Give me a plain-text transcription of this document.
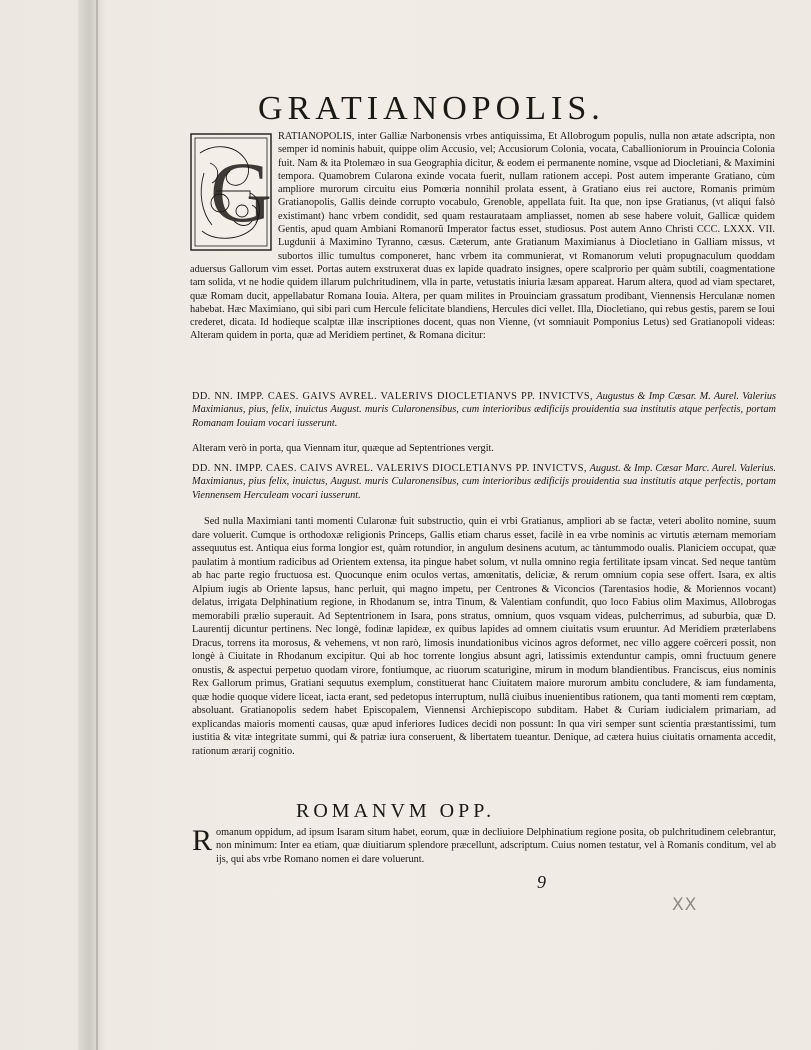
GRATIANOPOLIS.

RATIANOPOLIS, inter Galliæ Narbonensis vrbes antiquissima, Et Allobrogum populis, nulla non ætate adscripta, non semper id nominis habuit, quippe olim Accusio, vel; Accusiorum Colonia, vocata, Caballioniorum in Prouincia Colonia fuit. Nam & ita Ptolemæo in sua Geographia dicitur, & eodem ei permanente nomine, vsque ad Diocletiani, & Maximini tempora. Quamobrem Cularona exinde vocata fuerit, nullam rationem accepi. Post autem imperante Gratiano, cùm ampliore murorum circuitu eius Pomœria nonnihil prolata essent, à Gratiano eius rei auctore, Romanis primùm Gratianopolis, Gallis deinde corrupto vocabulo, Grenoble, appellata fuit. Ita que, non ipse Gratianus, (vt aliqui falsò existimant) hanc vrbem condidit, sed quam restaurataam ampliasset, nomen ab sese habere voluit, Gallicæ quidem Gentis, apud quam Ambiani Romanorũ Imperator factus esset, studiosus. Post autem Anno Christi CCC. LXXX. VII. Lugdunii à Maximino Tyranno, cæsus. Cæterum, ante Gratianum Maximianus à Diocletiano in Galliam missus, vt subortos illic tumultus componeret, hanc vrbem ita communierat, vt Romanorum veluti propugnaculum quoddam aduersus Gallorum vim esset. Portas autem exstruxerat duas ex lapide quadrato insignes, opere scalprorio per quàm subtili, coagmentatione tam solida, vt ne hodie quidem illarum pulchritudinem, vlla in parte, vetustatis iniuria læsam appareat. Harum altera, quod ad viam spectaret, quæ Romam ducit, appellabatur Romana Iouia. Altera, per quam milites in Prouinciam grassatum prodibant, Viennensis Herculanæ nomen habebat. Hæc Maximiano, qui sibi pari cum Hercule felicitate blandiens, Hercules dici vellet. Illa, Diocletiano, qui rebus gestis, parem se Ioui crederet, dicata. Id hodieque scalptæ illæ inscriptiones docent, quas non Vienne, (vt somniauit Pomponius Letus) sed Gratianopoli videas: Alteram quidem in porta, quæ ad Meridiem pertinet, & Romana dicitur:

G

DD. NN. IMPP. CAES. GAIVS AVREL. VALERIVS DIOCLETIANVS PP. INVICTVS, Augustus & Imp Cæsar. M. Aurel. Valerius Maximianus, pius, felix, inuictus August. muris Cularonensibus, cum interioribus ædificijs prouidentia sua institutis atque perfectis, portam Romanam Iouiam vocari iusserunt.

Alteram verò in porta, qua Viennam itur, quæque ad Septentriones vergit.

DD. NN. IMPP. CAES. CAIVS AVREL. VALERIVS DIOCLETIANVS PP. INVICTVS, August. & Imp. Cæsar Marc. Aurel. Valerius. Maximianus, pius felix, inuictus, August. muris Cularonensibus, cum interioribus ædificijs prouidentia sua institutis atque perfectis, portam Viennensem Herculeam vocari iusserunt.

Sed nulla Maximiani tanti momenti Cularonæ fuit substructio, quin ei vrbi Gratianus, ampliori ab se factæ, veteri abolito nomine, suum dare voluerit. Cumque is orthodoxæ religionis Princeps, Gallis etiam charus esset, facilè in ea vrbe nominis ac virtutis æternam memoriam assequutus est. Antiqua eius forma longior est, quàm rotundior, in angulum desinens acutum, ac tàntummodo oualis. Planiciem occupat, quæ paulatim à montium radicibus ad Orientem extensa, ita pingue habet solum, vt nulla omnino regia fertilitate ipsam vincat. Sed neque tantùm ab hac parte regio fructuosa est. Quocunque enim oculos vertas, amœnitatis, deliciæ, & rerum omnium copia sese offert. Isara, ex altis Alpium iugis ab Oriente lapsus, hanc perluit, qui magno impetu, per Centrones & Viconcios (Tarentasios hodie, & Moriennos vocant) delatus, irrigata Delphinatium regione, in Rhodanum se, intra Tinum, & Valentiam confundit, quo loco Fabius olim Maximus, Allobrogas memorabili prælio superauit. Ad Septentrionem in Isara, pons stratus, omnium, quos vsquam videas, pulcherrimus, ad suburbia, quæ D. Laurentij dicuntur pertinens. Nec longè, fodinæ lapideæ, ex quibus lapides ad omnem ciuitatis vsum eruuntur. Ad Meridiem præterlabens Dracus, torrens ita morosus, & vehemens, vt non rarò, limosis inundationibus vicinos agros deformet, nec villo aggere coërceri possit, non longè à Ciuitate in Rhodanum excipitur. Qui ab hoc torrente longius absunt agri, latissimis extenduntur campis, omni fructuum genere onustis, & aspectui perpetuo quodam virore, fontiumque, ac riuorum scaturigine, mirum in modum blandientibus. Franciscus, eius nominis Rex Gallorum primus, Gratiani sequutus exemplum, constituerat hanc Ciuitatem maiore murorum ambitu concludere, & iam fundamenta, quæ hodie quoque videre liceat, iacta erant, sed pedetopus interruptum, nullâ ciuibus inuenientibus rationem, qua tanti momenti rem cœptam, absoluant. Gratianopolis sedem habet Episcopalem, Viennensi Archiepiscopo subditam. Habet & Curiam iudicialem primariam, ad explicandas maioris momenti causas, quæ apud inferiores Iudices decidi non possunt: In qua viri semper sunt scientia præstantissimi, tum iustitia & vitæ integritate summi, qui & patriæ iura conseruent, & libertatem tueantur. Denique, ad cætera huius ciuitatis ornamenta accedit, rationum ærarij cognitio.

ROMANVM OPP.

Romanum oppidum, ad ipsum Isaram situm habet, eorum, quæ in decliuiore Delphinatium regione posita, ob pulchritudinem celebrantur, non minimum: Inter ea etiam, quæ diuitiarum splendore præcellunt, adscriptum. Cuius nomen testatur, vel à Romanis conditum, vel ab ijs, qui abs vrbe Romano nomen ei dare voluerunt.

9
XX
